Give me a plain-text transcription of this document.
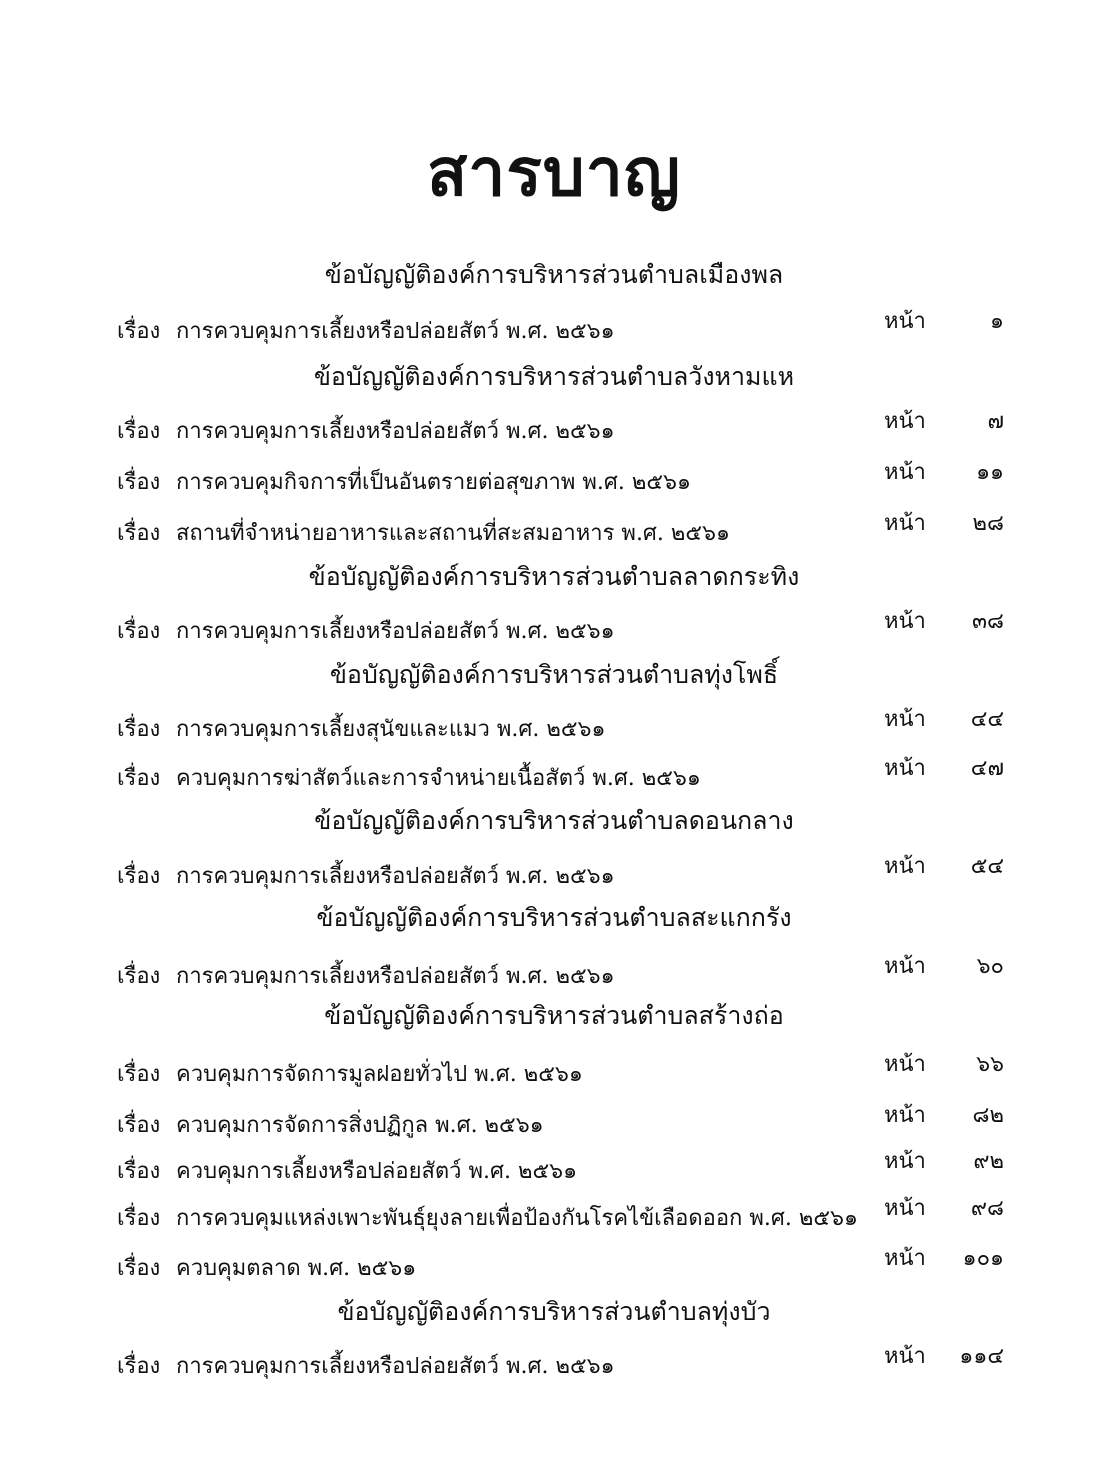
สารบาญ
ข้อบัญญัติองค์การบริหารส่วนตำบลเมืองพล
เรื่อง การควบคุมการเลี้ยงหรือปล่อยสัตว์ พ.ศ. ๒๕๖๑	หน้า	๑
ข้อบัญญัติองค์การบริหารส่วนตำบลวังหามแห
เรื่อง การควบคุมการเลี้ยงหรือปล่อยสัตว์ พ.ศ. ๒๕๖๑	หน้า	๗
เรื่อง การควบคุมกิจการที่เป็นอันตรายต่อสุขภาพ พ.ศ. ๒๕๖๑	หน้า ๑๑
เรื่อง สถานที่จำหน่ายอาหารและสถานที่สะสมอาหาร พ.ศ. ๒๕๖๑	หน้า ๒๘
ข้อบัญญัติองค์การบริหารส่วนตำบลลาดกระทิง
เรื่อง การควบคุมการเลี้ยงหรือปล่อยสัตว์ พ.ศ. ๒๕๖๑	หน้า ๓๘
ข้อบัญญัติองค์การบริหารส่วนตำบลทุ่งโพธิ์
เรื่อง การควบคุมการเลี้ยงสุนัขและแมว พ.ศ. ๒๕๖๑	หน้า ๔๔
เรื่อง ควบคุมการฆ่าสัตว์และการจำหน่ายเนื้อสัตว์ พ.ศ. ๒๕๖๑	หน้า ๔๗
ข้อบัญญัติองค์การบริหารส่วนตำบลดอนกลาง
เรื่อง การควบคุมการเลี้ยงหรือปล่อยสัตว์ พ.ศ. ๒๕๖๑	หน้า ๕๔
ข้อบัญญัติองค์การบริหารส่วนตำบลสะแกกรัง
เรื่อง การควบคุมการเลี้ยงหรือปล่อยสัตว์ พ.ศ. ๒๕๖๑	หน้า ๖๐
ข้อบัญญัติองค์การบริหารส่วนตำบลสร้างถ่อ
เรื่อง ควบคุมการจัดการมูลฝอยทั่วไป พ.ศ. ๒๕๖๑	หน้า ๖๖
เรื่อง ควบคุมการจัดการสิ่งปฏิกูล พ.ศ. ๒๕๖๑	หน้า ๘๒
เรื่อง ควบคุมการเลี้ยงหรือปล่อยสัตว์ พ.ศ. ๒๕๖๑	หน้า ๙๒
เรื่อง การควบคุมแหล่งเพาะพันธุ์ยุงลายเพื่อป้องกันโรคไข้เลือดออก พ.ศ. ๒๕๖๑ หน้า ๙๘
เรื่อง ควบคุมตลาด พ.ศ. ๒๕๖๑	หน้า ๑๐๑
ข้อบัญญัติองค์การบริหารส่วนตำบลทุ่งบัว
เรื่อง การควบคุมการเลี้ยงหรือปล่อยสัตว์ พ.ศ. ๒๕๖๑	หน้า ๑๑๔
